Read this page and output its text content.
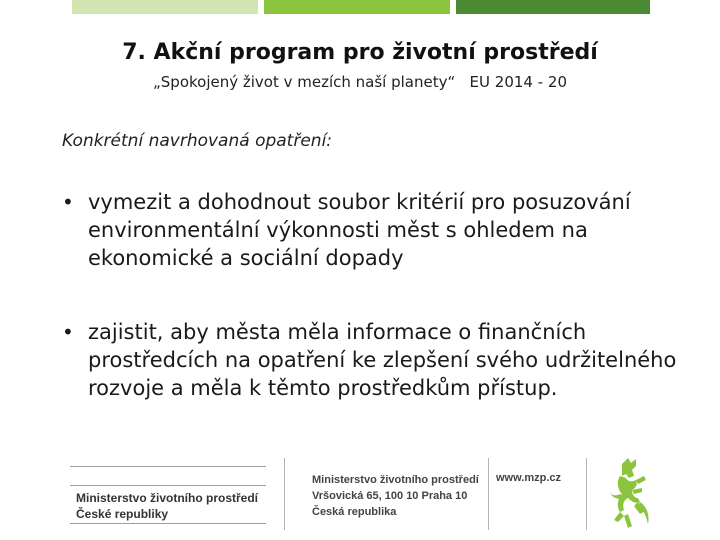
7. Akční program pro životní prostředí
„Spokojený život v mezích naší planety“   EU 2014 - 20
Konkrétní navrhovaná opatření:
• vymezit a dohodnout soubor kritérií pro posuzování environmentální výkonnosti měst s ohledem na ekonomické a sociální dopady
• zajistit, aby města měla informace o finančních prostředcích na opatření ke zlepšení svého udržitelného rozvoje a měla k těmto prostředkům přístup.
Ministerstvo životního prostředí
České republiky
Ministerstvo životního prostředí
Vršovická 65, 100 10 Praha 10
Česká republika
www.mzp.cz
